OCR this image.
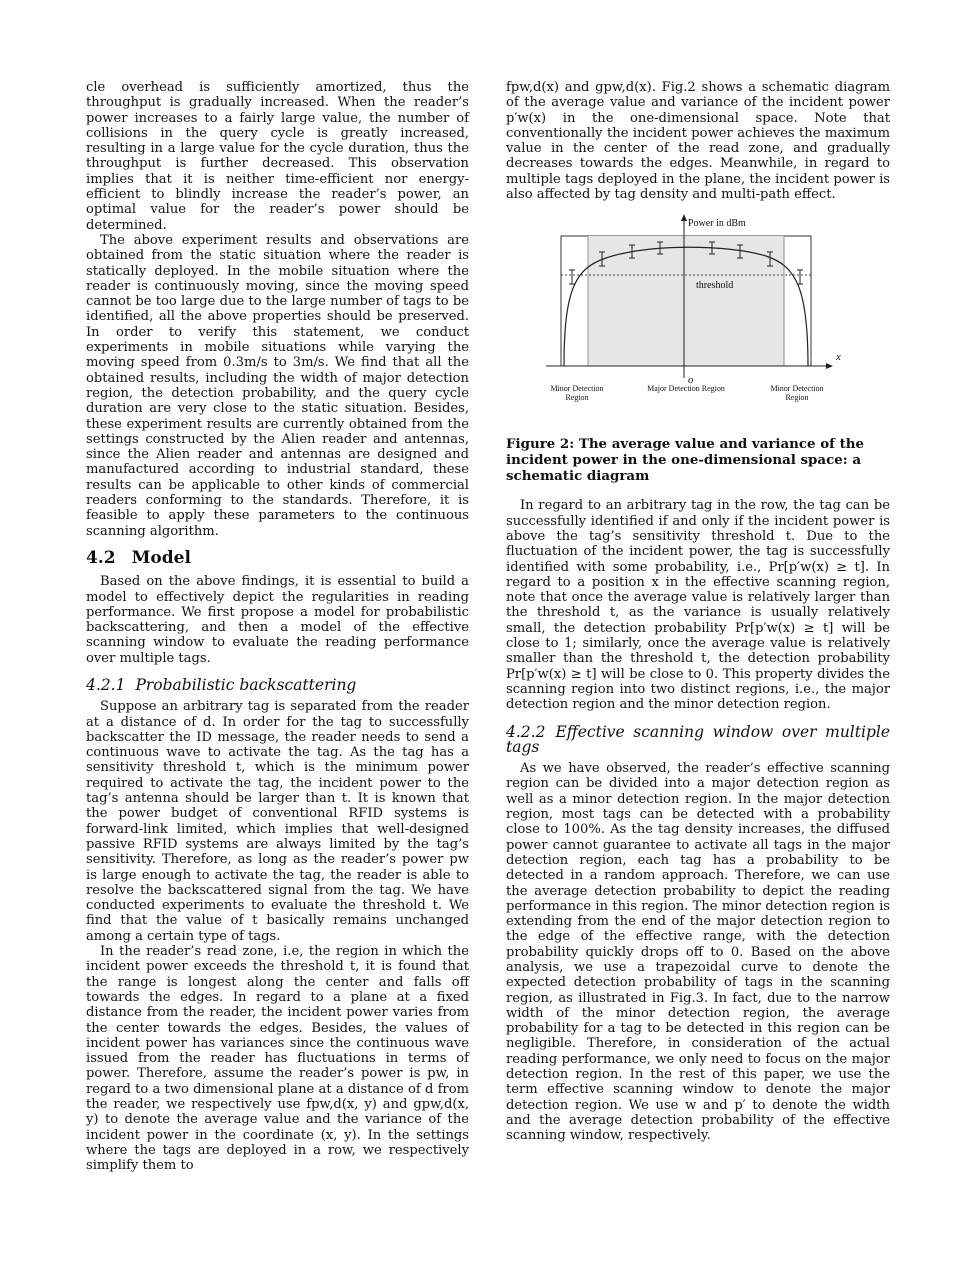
cle overhead is sufficiently amortized, thus the throughput is gradually increased. When the reader’s power increases to a fairly large value, the number of collisions in the query cycle is greatly increased, resulting in a large value for the cycle duration, thus the throughput is further decreased. This observation implies that it is neither time-efficient nor energy-efficient to blindly increase the reader’s power, an optimal value for the reader’s power should be determined.

The above experiment results and observations are obtained from the static situation where the reader is statically deployed. In the mobile situation where the reader is continuously moving, since the moving speed cannot be too large due to the large number of tags to be identified, all the above properties should be preserved. In order to verify this statement, we conduct experiments in mobile situations while varying the moving speed from 0.3m/s to 3m/s. We find that all the obtained results, including the width of major detection region, the detection probability, and the query cycle duration are very close to the static situation. Besides, these experiment results are currently obtained from the settings constructed by the Alien reader and antennas, since the Alien reader and antennas are designed and manufactured according to industrial standard, these results can be applicable to other kinds of commercial readers conforming to the standards. Therefore, it is feasible to apply these parameters to the continuous scanning algorithm.

4.2 Model

Based on the above findings, it is essential to build a model to effectively depict the regularities in reading performance. We first propose a model for probabilistic backscattering, and then a model of the effective scanning window to evaluate the reading performance over multiple tags.

4.2.1 Probabilistic backscattering

Suppose an arbitrary tag is separated from the reader at a distance of d. In order for the tag to successfully backscatter the ID message, the reader needs to send a continuous wave to activate the tag. As the tag has a sensitivity threshold t, which is the minimum power required to activate the tag, the incident power to the tag’s antenna should be larger than t. It is known that the power budget of conventional RFID systems is forward-link limited, which implies that well-designed passive RFID systems are always limited by the tag’s sensitivity. Therefore, as long as the reader’s power pw is large enough to activate the tag, the reader is able to resolve the backscattered signal from the tag. We have conducted experiments to evaluate the threshold t. We find that the value of t basically remains unchanged among a certain type of tags.

In the reader’s read zone, i.e, the region in which the incident power exceeds the threshold t, it is found that the range is longest along the center and falls off towards the edges. In regard to a plane at a fixed distance from the reader, the incident power varies from the center towards the edges. Besides, the values of incident power has variances since the continuous wave issued from the reader has fluctuations in terms of power. Therefore, assume the reader’s power is pw, in regard to a two dimensional plane at a distance of d from the reader, we respectively use fpw,d(x, y) and gpw,d(x, y) to denote the average value and the variance of the incident power in the coordinate (x, y). In the settings where the tags are deployed in a row, we respectively simplify them to

fpw,d(x) and gpw,d(x). Fig.2 shows a schematic diagram of the average value and variance of the incident power p′w(x) in the one-dimensional space. Note that conventionally the incident power achieves the maximum value in the center of the read zone, and gradually decreases towards the edges. Meanwhile, in regard to multiple tags deployed in the plane, the incident power is also affected by tag density and multi-path effect.

Power in dBm
threshold
o
x
Minor Detection Region
Major Detection Region	Minor Detection Region
Figure 2: The average value and variance of the incident power in the one-dimensional space: a schematic diagram

In regard to an arbitrary tag in the row, the tag can be successfully identified if and only if the incident power is above the tag’s sensitivity threshold t. Due to the fluctuation of the incident power, the tag is successfully identified with some probability, i.e., Pr[p′w(x) ≥ t]. In regard to a position x in the effective scanning region, note that once the average value is relatively larger than the threshold t, as the variance is usually relatively small, the detection probability Pr[p′w(x) ≥ t] will be close to 1; similarly, once the average value is relatively smaller than the threshold t, the detection probability Pr[p′w(x) ≥ t] will be close to 0. This property divides the scanning region into two distinct regions, i.e., the major detection region and the minor detection region.

4.2.2 Effective scanning window over multiple tags

As we have observed, the reader’s effective scanning region can be divided into a major detection region as well as a minor detection region. In the major detection region, most tags can be detected with a probability close to 100%. As the tag density increases, the diffused power cannot guarantee to activate all tags in the major detection region, each tag has a probability to be detected in a random approach. Therefore, we can use the average detection probability to depict the reading performance in this region. The minor detection region is extending from the end of the major detection region to the edge of the effective range, with the detection probability quickly drops off to 0. Based on the above analysis, we use a trapezoidal curve to denote the expected detection probability of tags in the scanning region, as illustrated in Fig.3. In fact, due to the narrow width of the minor detection region, the average probability for a tag to be detected in this region can be negligible. Therefore, in consideration of the actual reading performance, we only need to focus on the major detection region. In the rest of this paper, we use the term effective scanning window to denote the major detection region. We use w and p′ to denote the width and the average detection probability of the effective scanning window, respectively.
